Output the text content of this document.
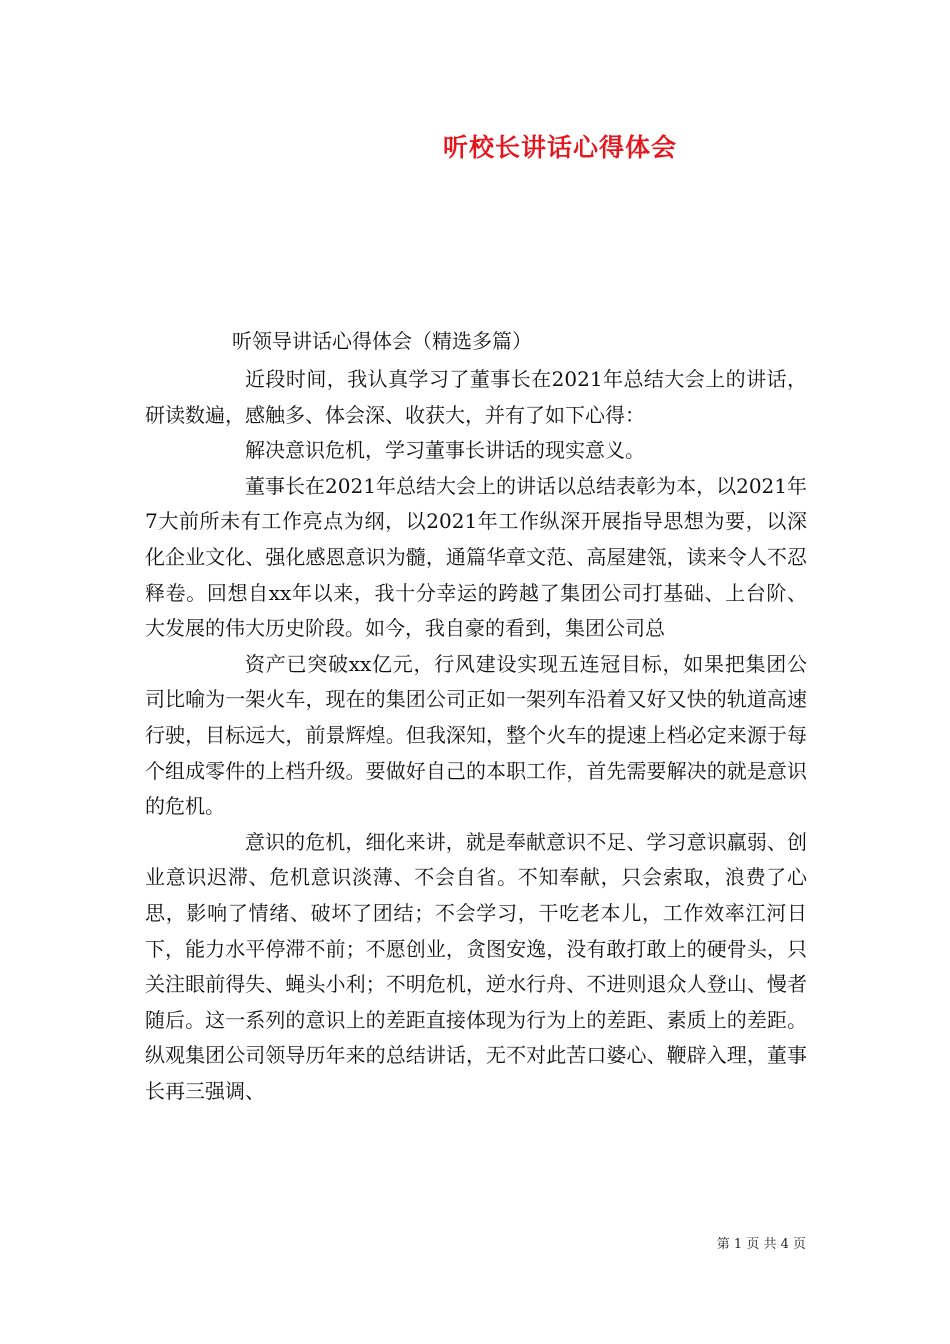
听校长讲话心得体会
听领导讲话心得体会（精选多篇）

近段时间，我认真学习了董事长在2021年总结大会上的讲话，研读数遍，感触多、体会深、收获大，并有了如下心得：

解决意识危机，学习董事长讲话的现实意义。

董事长在2021年总结大会上的讲话以总结表彰为本，以2021年7大前所未有工作亮点为纲，以2021年工作纵深开展指导思想为要，以深化企业文化、强化感恩意识为髓，通篇华章文范、高屋建瓴，读来令人不忍释卷。回想自xx年以来，我十分幸运的跨越了集团公司打基础、上台阶、大发展的伟大历史阶段。如今，我自豪的看到，集团公司总

资产已突破xx亿元，行风建设实现五连冠目标，如果把集团公司比喻为一架火车，现在的集团公司正如一架列车沿着又好又快的轨道高速行驶，目标远大，前景辉煌。但我深知，整个火车的提速上档必定来源于每个组成零件的上档升级。要做好自己的本职工作，首先需要解决的就是意识的危机。

意识的危机，细化来讲，就是奉献意识不足、学习意识羸弱、创业意识迟滞、危机意识淡薄、不会自省。不知奉献，只会索取，浪费了心思，影响了情绪、破坏了团结；不会学习，干吃老本儿，工作效率江河日下，能力水平停滞不前；不愿创业，贪图安逸，没有敢打敢上的硬骨头，只关注眼前得失、蝇头小利；不明危机，逆水行舟、不进则退众人登山、慢者随后。这一系列的意识上的差距直接体现为行为上的差距、素质上的差距。纵观集团公司领导历年来的总结讲话，无不对此苦口婆心、鞭辟入理，董事长再三强调、

第 1 页 共 4 页
